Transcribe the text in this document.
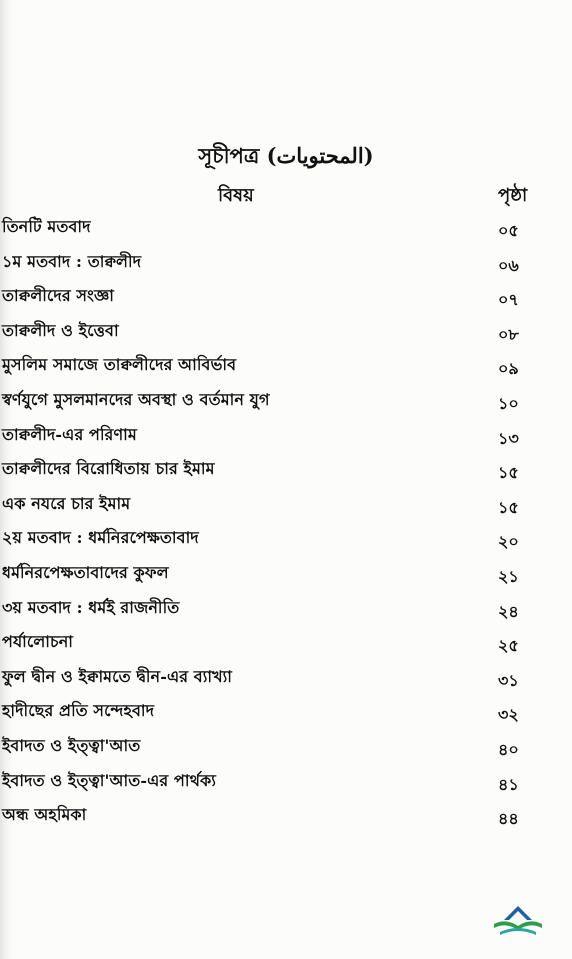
সূচীপত্র (المحتويات)
বিষয়	পৃষ্ঠা
তিনটি মতবাদ	০৫
১ম মতবাদ : তাক্বলীদ	০৬
তাক্বলীদের সংজ্ঞা	০৭
তাক্বলীদ ও ইত্তেবা	০৮
মুসলিম সমাজে তাক্বলীদের আবির্ভাব	০৯
স্বর্ণযুগে মুসলমানদের অবস্থা ও বর্তমান যুগ	১০
তাক্বলীদ-এর পরিণাম	১৩
তাক্বলীদের বিরোধিতায় চার ইমাম	১৫
এক নযরে চার ইমাম	১৫
২য় মতবাদ : ধর্মনিরপেক্ষতাবাদ	২০
ধর্মনিরপেক্ষতাবাদের কুফল	২১
৩য় মতবাদ : ধর্মই রাজনীতি	২৪
পর্যালোচনা	২৫
ফুল দ্বীন ও ইক্বামতে দ্বীন-এর ব্যাখ্যা	৩১
হাদীছের প্রতি সন্দেহবাদ	৩২
ইবাদত ও ইত্ত্বা'আত	৪০
ইবাদত ও ইত্ত্বা'আত-এর পার্থক্য	৪১
অন্ধ অহমিকা	৪৪
